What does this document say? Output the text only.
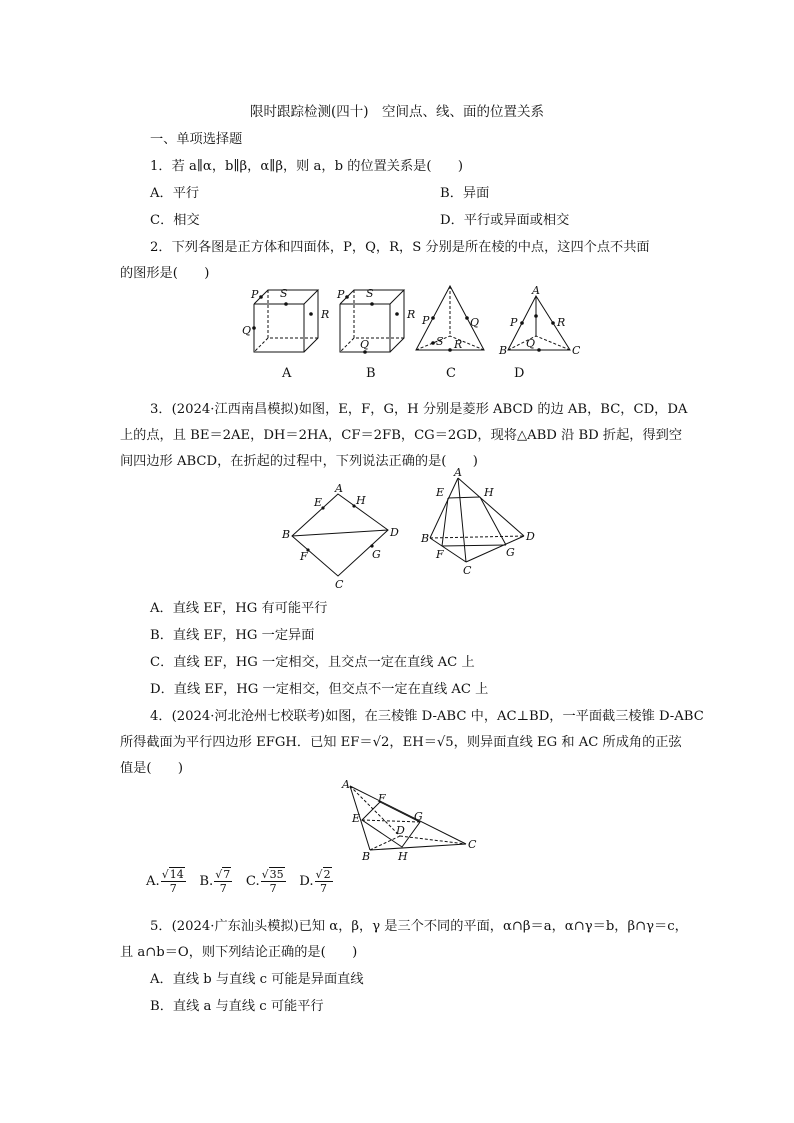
限时跟踪检测(四十)　空间点、线、面的位置关系
一、单项选择题
1．若 a∥α，b∥β，α∥β，则 a，b 的位置关系是(　　)
A．平行	B．异面
C．相交	D．平行或异面或相交
2．下列各图是正方体和四面体，P，Q，R，S 分别是所在棱的中点，这四个点不共面
的图形是(　　)
P S
R
Q
P S
R
Q
P	Q
S R
A
P	R
B
Q
C
A	B	C	D
3．(2024·江西南昌模拟)如图，E，F，G，H 分别是菱形 ABCD 的边 AB，BC，CD，DA
上的点，且 BE＝2AE，DH＝2HA，CF＝2FB，CG＝2GD，现将△ABD 沿 BD 折起，得到空
间四边形 ABCD，在折起的过程中，下列说法正确的是(　　)
A
E	H
B	D
F	G
C
A
E	H
B	D
F	G
C
A．直线 EF，HG 有可能平行
B．直线 EF，HG 一定异面
C．直线 EF，HG 一定相交，且交点一定在直线 AC 上
D．直线 EF，HG 一定相交，但交点不一定在直线 AC 上
4．(2024·河北沧州七校联考)如图，在三棱锥 D-ABC 中，AC⊥BD，一平面截三棱锥 D-ABC
所得截面为平行四边形 EFGH．已知 EF＝√2，EH＝√5，则异面直线 EG 和 AC 所成角的正弦
值是(　　)
A
F
E
D
G
B	H
C
A. $\frac{√14}{7} B$. $\frac{√7}{7} C$. $\frac{√35}{7} D$. $\frac{√2}{7}$
5．(2024·广东汕头模拟)已知 α，β，γ 是三个不同的平面，α∩β＝a，α∩γ＝b，β∩γ＝c，
且 a∩b＝O，则下列结论正确的是(　　)
A．直线 b 与直线 c 可能是异面直线
B．直线 a 与直线 c 可能平行
